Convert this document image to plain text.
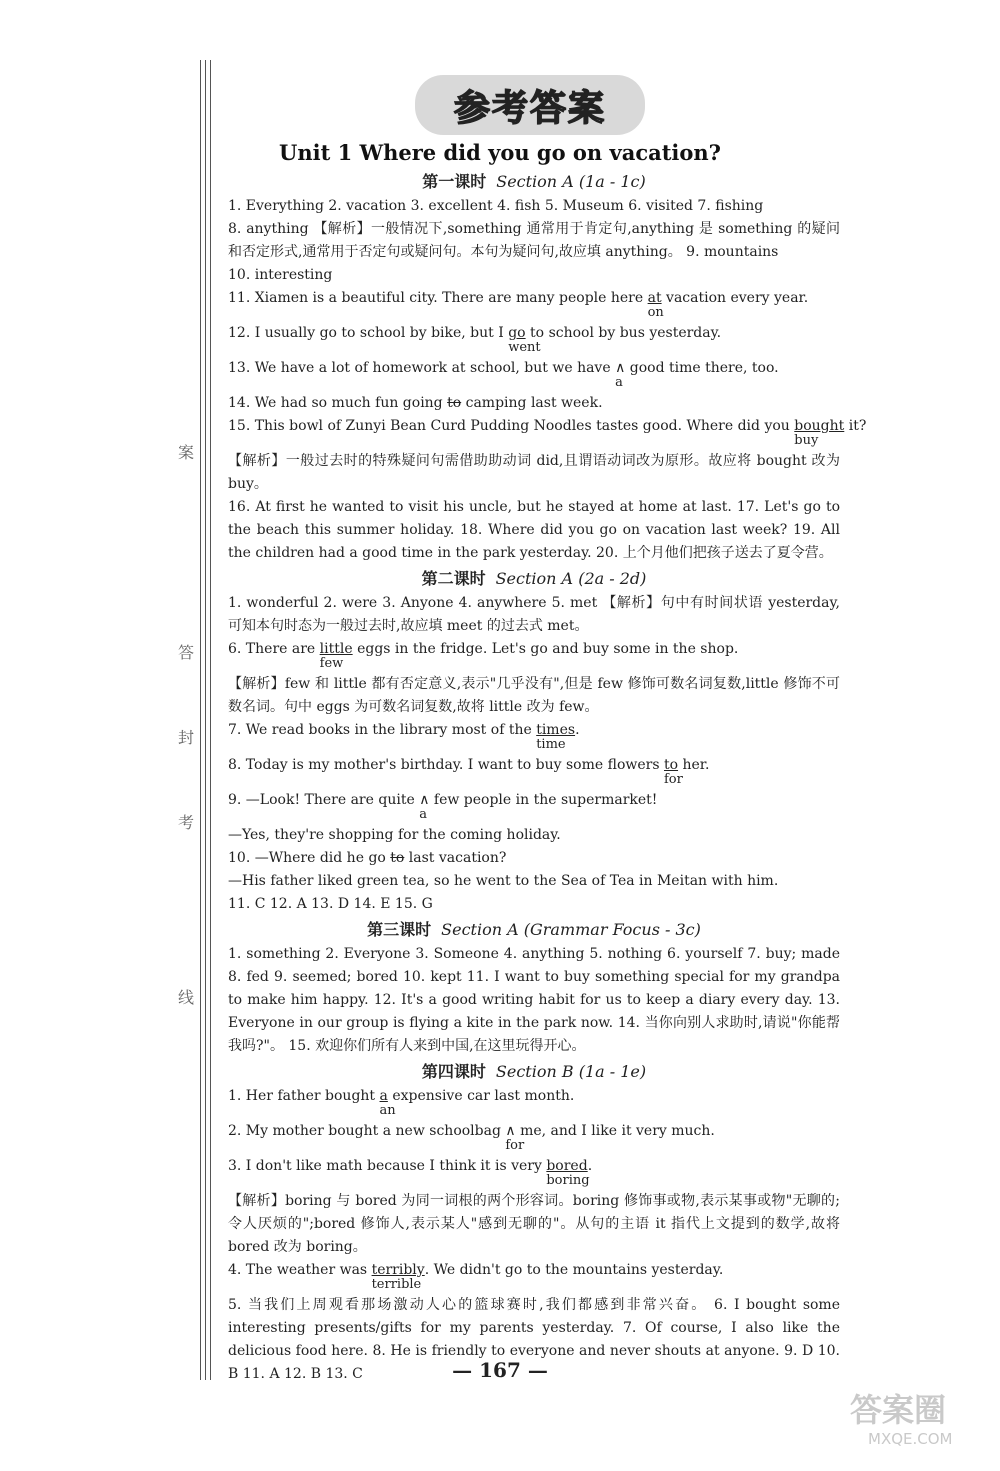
案
答
封
考
线
参考答案
Unit 1 Where did you go on vacation?
第一课时 Section A (1a - 1c)
1. Everything 2. vacation 3. excellent 4. fish 5. Museum 6. visited 7. fishing
8. anything 【解析】一般情况下,something 通常用于肯定句,anything 是 something 的疑问和否定形式,通常用于否定句或疑问句。本句为疑问句,故应填 anything。 9. mountains
10. interesting
11. Xiamen is a beautiful city. There are many people here at
on
vacation every year.
12. I usually go to school by bike, but I go
went
to school by bus yesterday.
13. We have a lot of homework at school, but we have ∧
a
good time there, too.
14. We had so much fun going to camping last week.
15. This bowl of Zunyi Bean Curd Pudding Noodles tastes good. Where did you bought
buy
it?
【解析】一般过去时的特殊疑问句需借助助动词 did,且谓语动词改为原形。故应将 bought 改为 buy。
16. At first he wanted to visit his uncle, but he stayed at home at last. 17. Let's go to the beach this summer holiday. 18. Where did you go on vacation last week? 19. All the children had a good time in the park yesterday. 20. 上个月他们把孩子送去了夏令营。
第二课时 Section A (2a - 2d)
1. wonderful 2. were 3. Anyone 4. anywhere 5. met 【解析】句中有时间状语 yesterday,可知本句时态为一般过去时,故应填 meet 的过去式 met。
6. There are little
few
eggs in the fridge. Let's go and buy some in the shop.
【解析】few 和 little 都有否定意义,表示"几乎没有",但是 few 修饰可数名词复数,little 修饰不可数名词。句中 eggs 为可数名词复数,故将 little 改为 few。
7. We read books in the library most of the times
time
.
8. Today is my mother's birthday. I want to buy some flowers to
for
her.
9. —Look! There are quite ∧
a
few people in the supermarket!
—Yes, they're shopping for the coming holiday.
10. —Where did he go to last vacation?
—His father liked green tea, so he went to the Sea of Tea in Meitan with him.
11. C 12. A 13. D 14. E 15. G
第三课时 Section A (Grammar Focus - 3c)
1. something 2. Everyone 3. Someone 4. anything 5. nothing 6. yourself 7. buy; made 8. fed 9. seemed; bored 10. kept 11. I want to buy something special for my grandpa to make him happy. 12. It's a good writing habit for us to keep a diary every day. 13. Everyone in our group is flying a kite in the park now. 14. 当你向别人求助时,请说"你能帮我吗?"。 15. 欢迎你们所有人来到中国,在这里玩得开心。
第四课时 Section B (1a - 1e)
1. Her father bought a
an
expensive car last month.
2. My mother bought a new schoolbag ∧
for
me, and I like it very much.
3. I don't like math because I think it is very bored
boring
.
【解析】boring 与 bored 为同一词根的两个形容词。boring 修饰事或物,表示某事或物"无聊的;令人厌烦的";bored 修饰人,表示某人"感到无聊的"。从句的主语 it 指代上文提到的数学,故将 bored 改为 boring。
4. The weather was terribly
terrible
. We didn't go to the mountains yesterday.
5. 当我们上周观看那场激动人心的篮球赛时,我们都感到非常兴奋。 6. I bought some interesting presents/gifts for my parents yesterday. 7. Of course, I also like the delicious food here. 8. He is friendly to everyone and never shouts at anyone. 9. D 10. B 11. A 12. B 13. C	— 167 —
答案圈
MXQE.COM
